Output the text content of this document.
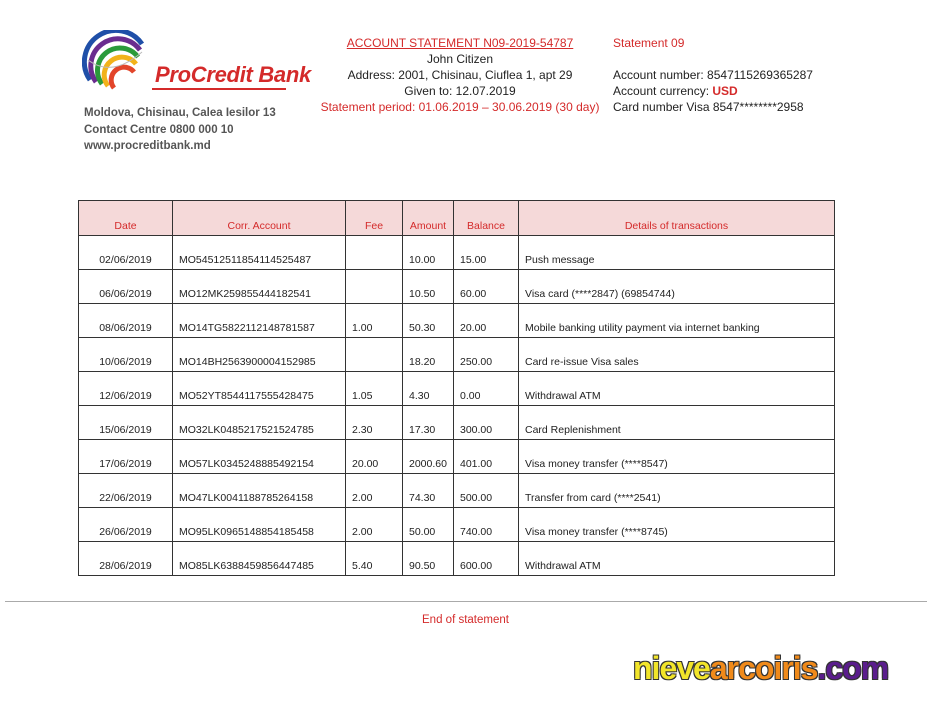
ProCredit Bank
Moldova, Chisinau, Calea Iesilor 13
Contact Centre 0800 000 10
www.procreditbank.md
ACCOUNT STATEMENT N09-2019-54787
John Citizen
Address: 2001, Chisinau, Ciuflea 1, apt 29
Given to: 12.07.2019
Statement period: 01.06.2019 – 30.06.2019 (30 day)
Statement 09
Account number: 8547115269365287
Account currency: USD
Card number Visa 8547********2958
Date	Corr. Account	Fee	Amount	Balance	Details of transactions
02/06/2019	MO54512511854114525487		10.00	15.00	Push message
06/06/2019	MO12MK259855444182541		10.50	60.00	Visa card (****2847) (69854744)
08/06/2019	MO14TG5822112148781587	1.00	50.30	20.00	Mobile banking utility payment via internet banking
10/06/2019	MO14BH2563900004152985		18.20	250.00	Card re-issue Visa sales
12/06/2019	MO52YT8544117555428475	1.05	4.30	0.00	Withdrawal ATM
15/06/2019	MO32LK0485217521524785	2.30	17.30	300.00	Card Replenishment
17/06/2019	MO57LK0345248885492154	20.00	2000.60	401.00	Visa money transfer (****8547)
22/06/2019	MO47LK0041188785264158	2.00	74.30	500.00	Transfer from card (****2541)
26/06/2019	MO95LK0965148854185458	2.00	50.00	740.00	Visa money transfer (****8745)
28/06/2019	MO85LK6388459856447485	5.40	90.50	600.00	Withdrawal ATM
End of statement
nievearcoiris.com
